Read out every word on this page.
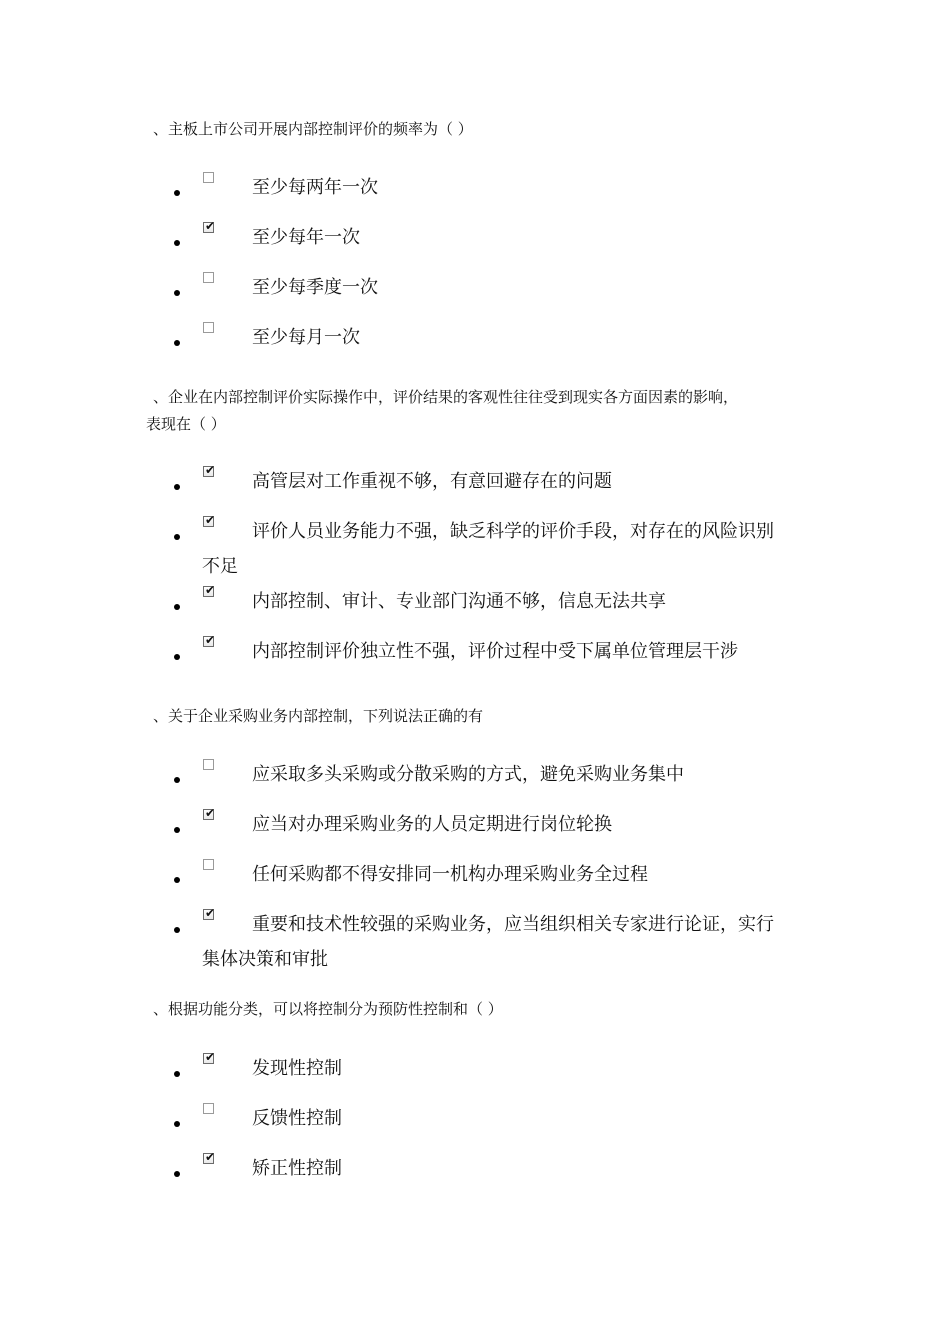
、主板上市公司开展内部控制评价的频率为（ ）
至少每两年一次
✔
至少每年一次
至少每季度一次
至少每月一次
、企业在内部控制评价实际操作中，评价结果的客观性往往受到现实各方面因素的影响，
表现在（ ）
✔
高管层对工作重视不够，有意回避存在的问题
✔
评价人员业务能力不强，缺乏科学的评价手段，对存在的风险识别
不足
✔
内部控制、审计、专业部门沟通不够，信息无法共享
✔
内部控制评价独立性不强，评价过程中受下属单位管理层干涉
、关于企业采购业务内部控制，下列说法正确的有
应采取多头采购或分散采购的方式，避免采购业务集中
✔
应当对办理采购业务的人员定期进行岗位轮换
任何采购都不得安排同一机构办理采购业务全过程
✔
重要和技术性较强的采购业务，应当组织相关专家进行论证，实行
集体决策和审批
、根据功能分类，可以将控制分为预防性控制和（ ）
✔
发现性控制
反馈性控制
✔
矫正性控制
